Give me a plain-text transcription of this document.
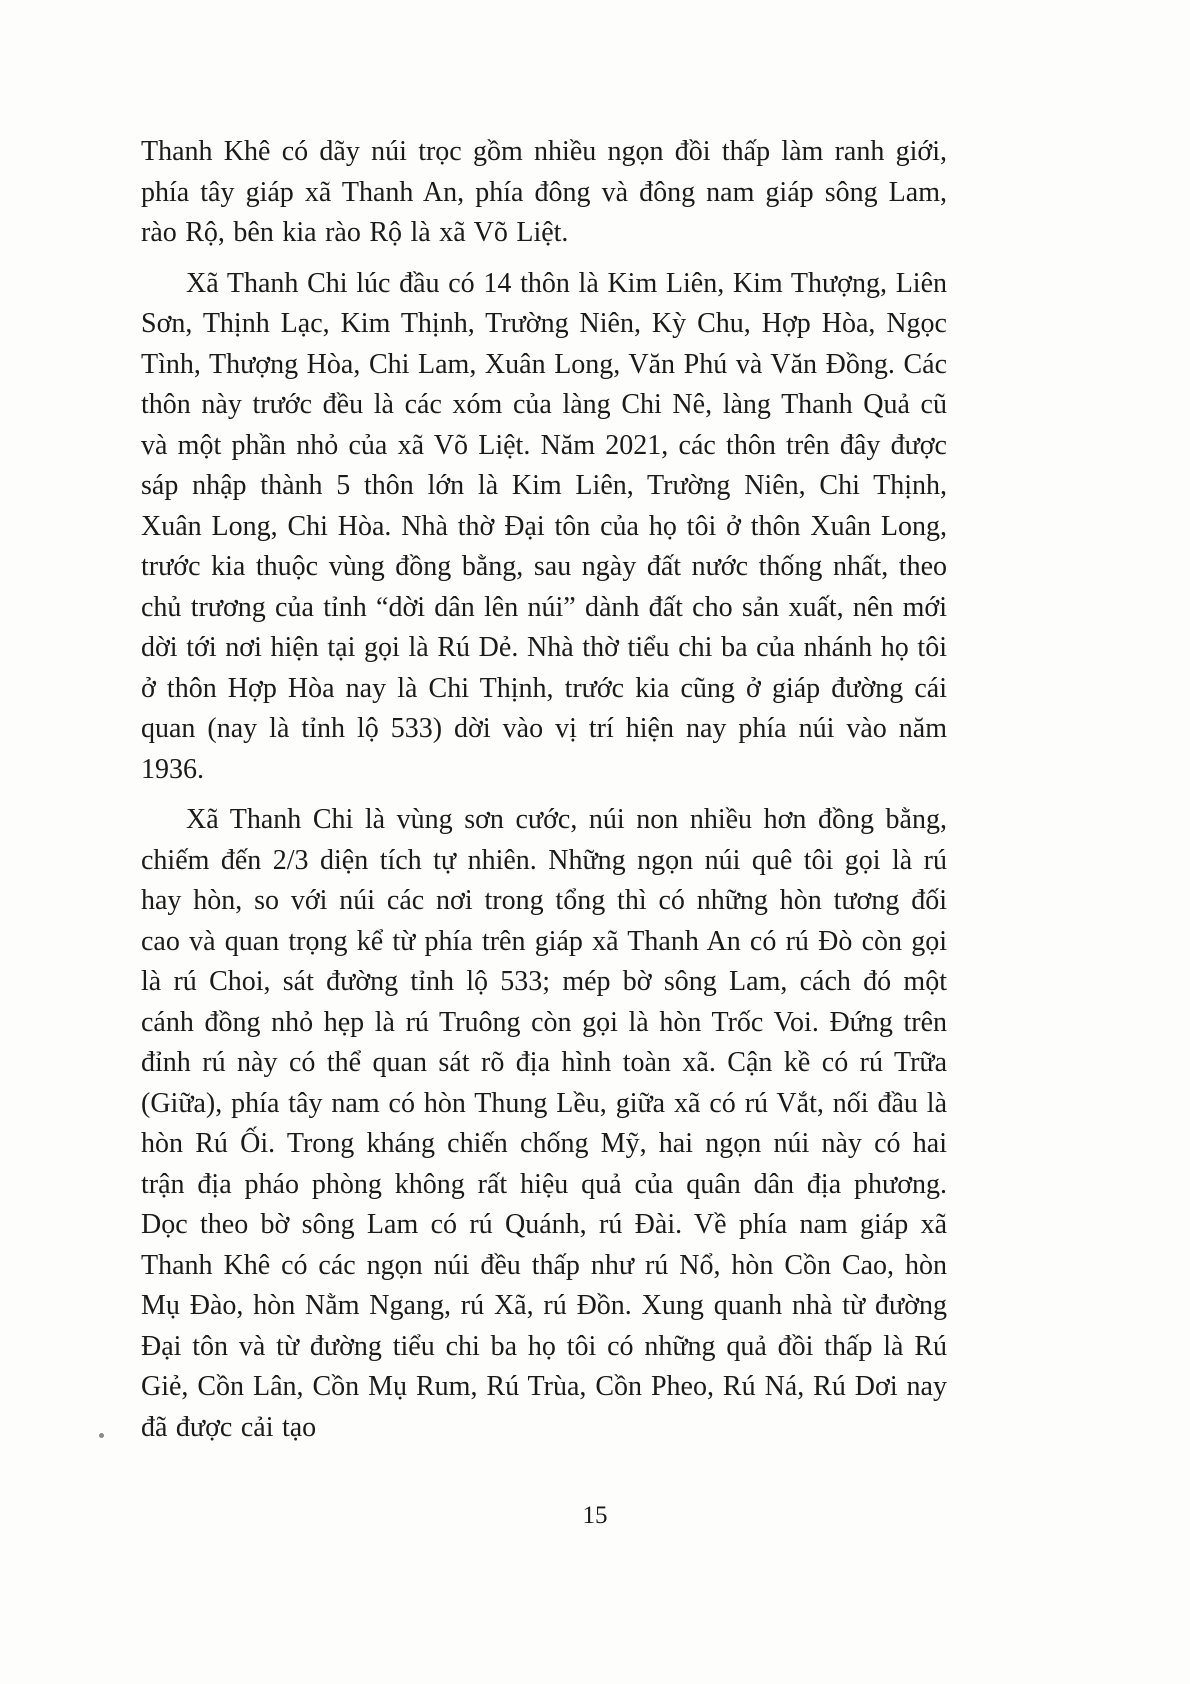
Thanh Khê có dãy núi trọc gồm nhiều ngọn đồi thấp làm ranh giới, phía tây giáp xã Thanh An, phía đông và đông nam giáp sông Lam, rào Rộ, bên kia rào Rộ là xã Võ Liệt.

Xã Thanh Chi lúc đầu có 14 thôn là Kim Liên, Kim Thượng, Liên Sơn, Thịnh Lạc, Kim Thịnh, Trường Niên, Kỳ Chu, Hợp Hòa, Ngọc Tình, Thượng Hòa, Chi Lam, Xuân Long, Văn Phú và Văn Đồng. Các thôn này trước đều là các xóm của làng Chi Nê, làng Thanh Quả cũ và một phần nhỏ của xã Võ Liệt. Năm 2021, các thôn trên đây được sáp nhập thành 5 thôn lớn là Kim Liên, Trường Niên, Chi Thịnh, Xuân Long, Chi Hòa. Nhà thờ Đại tôn của họ tôi ở thôn Xuân Long, trước kia thuộc vùng đồng bằng, sau ngày đất nước thống nhất, theo chủ trương của tỉnh “dời dân lên núi” dành đất cho sản xuất, nên mới dời tới nơi hiện tại gọi là Rú Dẻ. Nhà thờ tiểu chi ba của nhánh họ tôi ở thôn Hợp Hòa nay là Chi Thịnh, trước kia cũng ở giáp đường cái quan (nay là tỉnh lộ 533) dời vào vị trí hiện nay phía núi vào năm 1936.

Xã Thanh Chi là vùng sơn cước, núi non nhiều hơn đồng bằng, chiếm đến 2/3 diện tích tự nhiên. Những ngọn núi quê tôi gọi là rú hay hòn, so với núi các nơi trong tổng thì có những hòn tương đối cao và quan trọng kể từ phía trên giáp xã Thanh An có rú Đò còn gọi là rú Choi, sát đường tỉnh lộ 533; mép bờ sông Lam, cách đó một cánh đồng nhỏ hẹp là rú Truông còn gọi là hòn Trốc Voi. Đứng trên đỉnh rú này có thể quan sát rõ địa hình toàn xã. Cận kề có rú Trữa (Giữa), phía tây nam có hòn Thung Lều, giữa xã có rú Vắt, nối đầu là hòn Rú Ối. Trong kháng chiến chống Mỹ, hai ngọn núi này có hai trận địa pháo phòng không rất hiệu quả của quân dân địa phương. Dọc theo bờ sông Lam có rú Quánh, rú Đài. Về phía nam giáp xã Thanh Khê có các ngọn núi đều thấp như rú Nổ, hòn Cồn Cao, hòn Mụ Đào, hòn Nằm Ngang, rú Xã, rú Đồn. Xung quanh nhà từ đường Đại tôn và từ đường tiểu chi ba họ tôi có những quả đồi thấp là Rú Giẻ, Cồn Lân, Cồn Mụ Rum, Rú Trùa, Cồn Pheo, Rú Ná, Rú Dơi nay đã được cải tạo

15
